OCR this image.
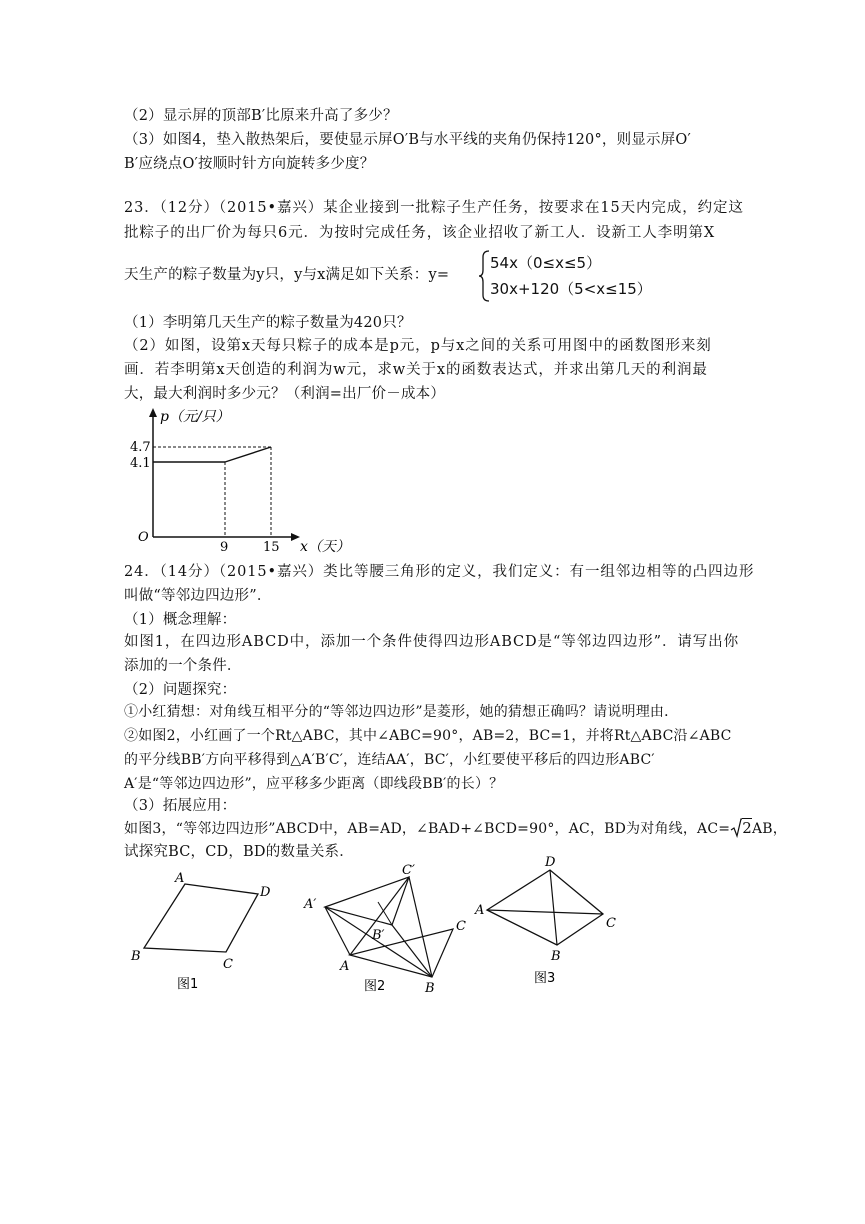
（2）显示屏的顶部B′比原来升高了多少？
（3）如图4，垫入散热架后，要使显示屏O′B与水平线的夹角仍保持120°，则显示屏O′
B′应绕点O′按顺时针方向旋转多少度？
23．（12分）（2015•嘉兴）某企业接到一批粽子生产任务，按要求在15天内完成，约定这
批粽子的出厂价为每只6元．为按时完成任务，该企业招收了新工人．设新工人李明第X
天生产的粽子数量为y只，y与x满足如下关系：y=
54x（0≤x≤5）
30x+120（5<x≤15）
（1）李明第几天生产的粽子数量为420只？
（2）如图，设第x天每只粽子的成本是p元，p与x之间的关系可用图中的函数图形来刻
画．若李明第x天创造的利润为w元，求w关于x的函数表达式，并求出第几天的利润最
大，最大利润时多少元？（利润=出厂价－成本）
p（元/只）
4.7
4.1
O
9	15 x（天）
24．（14分）（2015•嘉兴）类比等腰三角形的定义，我们定义：有一组邻边相等的凸四边形
叫做“等邻边四边形”．
（1）概念理解：
如图1，在四边形ABCD中，添加一个条件使得四边形ABCD是“等邻边四边形”．请写出你
添加的一个条件．
（2）问题探究：
①小红猜想：对角线互相平分的“等邻边四边形”是菱形，她的猜想正确吗？请说明理由．
②如图2，小红画了一个Rt△ABC，其中∠ABC=90°，AB=2，BC=1，并将Rt△ABC沿∠ABC
的平分线BB′方向平移得到△A′B′C′，连结AA′，BC′，小红要使平移后的四边形ABC′
A′是“等邻边四边形”，应平移多少距离（即线段BB′的长）？
（3）拓展应用：
如图3，“等邻边四边形”ABCD中，AB=AD，∠BAD+∠BCD=90°，AC，BD为对角线，AC= 2AB，
试探究BC，CD，BD的数量关系．
A
D
B
C
图1
C′
A′
B′
C
A
B
图2
D
A
C
B
图3
